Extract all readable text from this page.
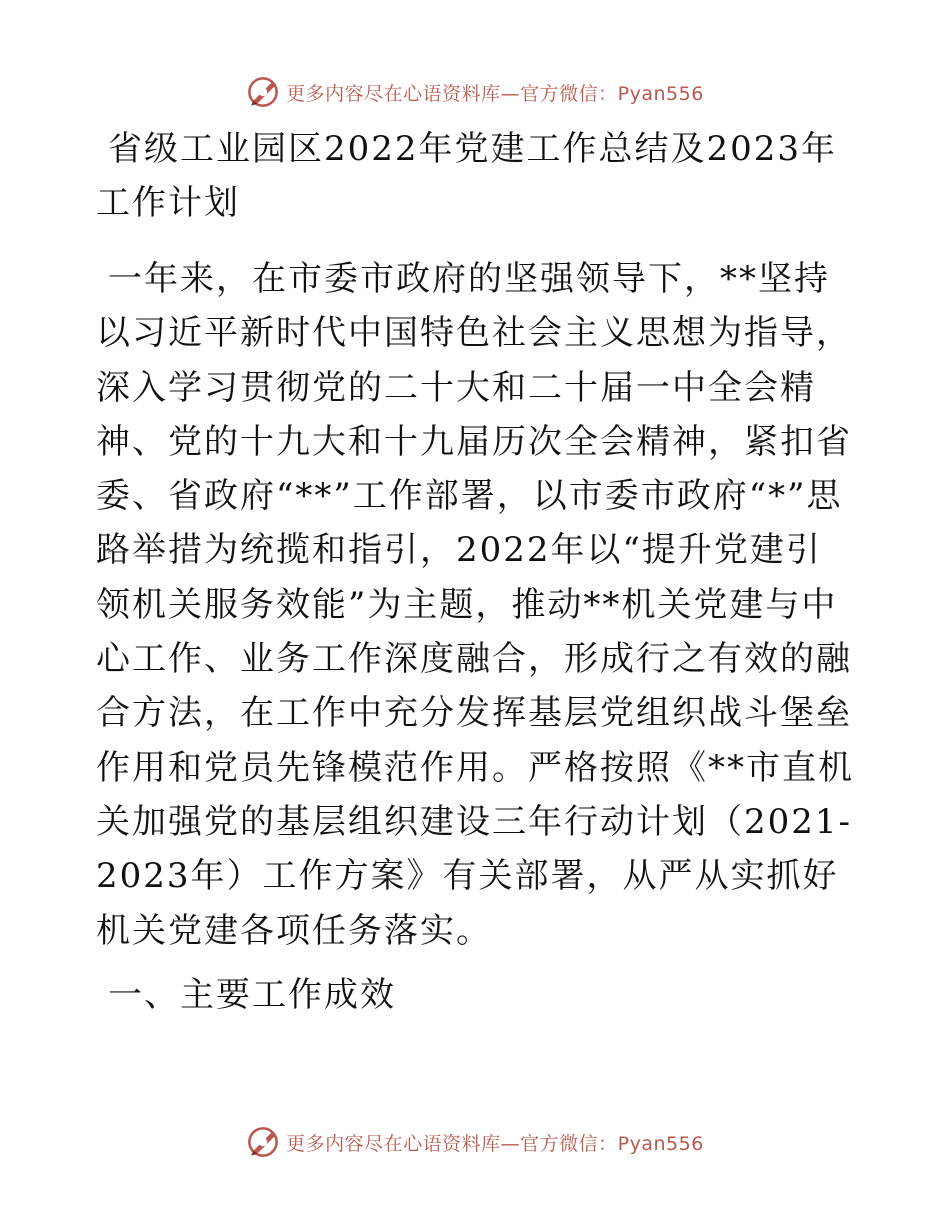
更多内容尽在心语资料库—官方微信：Pyan556
省级工业园区2022年党建工作总结及2023年工作计划

一年来，在市委市政府的坚强领导下，**坚持以习近平新时代中国特色社会主义思想为指导，深入学习贯彻党的二十大和二十届一中全会精神、党的十九大和十九届历次全会精神，紧扣省委、省政府“**”工作部署，以市委市政府“*”思路举措为统揽和指引，2022年以“提升党建引领机关服务效能”为主题，推动**机关党建与中心工作、业务工作深度融合，形成行之有效的融合方法，在工作中充分发挥基层党组织战斗堡垒作用和党员先锋模范作用。严格按照《**市直机关加强党的基层组织建设三年行动计划（2021-2023年）工作方案》有关部署，从严从实抓好机关党建各项任务落实。

一、主要工作成效
更多内容尽在心语资料库—官方微信：Pyan556
